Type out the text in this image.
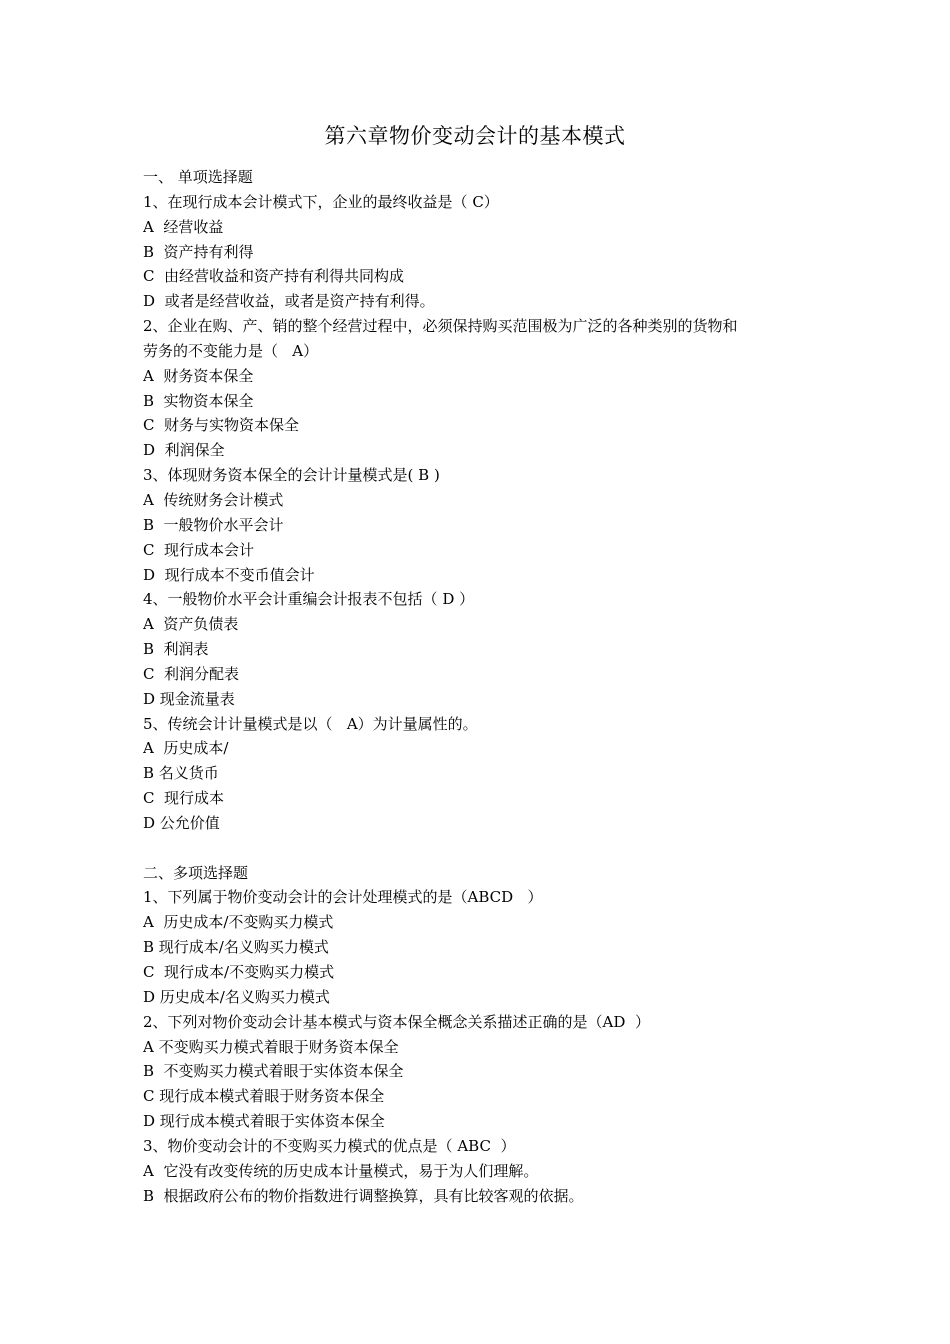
第六章物价变动会计的基本模式
一、 单项选择题
1、在现行成本会计模式下，企业的最终收益是（ C）
A  经营收益
B  资产持有利得
C  由经营收益和资产持有利得共同构成
D  或者是经营收益，或者是资产持有利得。
2、企业在购、产、销的整个经营过程中，必须保持购买范围极为广泛的各种类别的货物和
劳务的不变能力是（   A）
A  财务资本保全
B  实物资本保全
C  财务与实物资本保全
D  利润保全
3、体现财务资本保全的会计计量模式是( B )
A  传统财务会计模式
B  一般物价水平会计
C  现行成本会计
D  现行成本不变币值会计
4、一般物价水平会计重编会计报表不包括（ D ）
A  资产负债表
B  利润表
C  利润分配表
D 现金流量表
5、传统会计计量模式是以（   A）为计量属性的。
A  历史成本/
B 名义货币
C  现行成本
D 公允价值
二、多项选择题
1、下列属于物价变动会计的会计处理模式的是（ABCD   ）
A  历史成本/不变购买力模式
B 现行成本/名义购买力模式
C  现行成本/不变购买力模式
D 历史成本/名义购买力模式
2、下列对物价变动会计基本模式与资本保全概念关系描述正确的是（AD  ）
A 不变购买力模式着眼于财务资本保全
B  不变购买力模式着眼于实体资本保全
C 现行成本模式着眼于财务资本保全
D 现行成本模式着眼于实体资本保全
3、物价变动会计的不变购买力模式的优点是（ ABC  ）
A  它没有改变传统的历史成本计量模式，易于为人们理解。
B  根据政府公布的物价指数进行调整换算，具有比较客观的依据。
